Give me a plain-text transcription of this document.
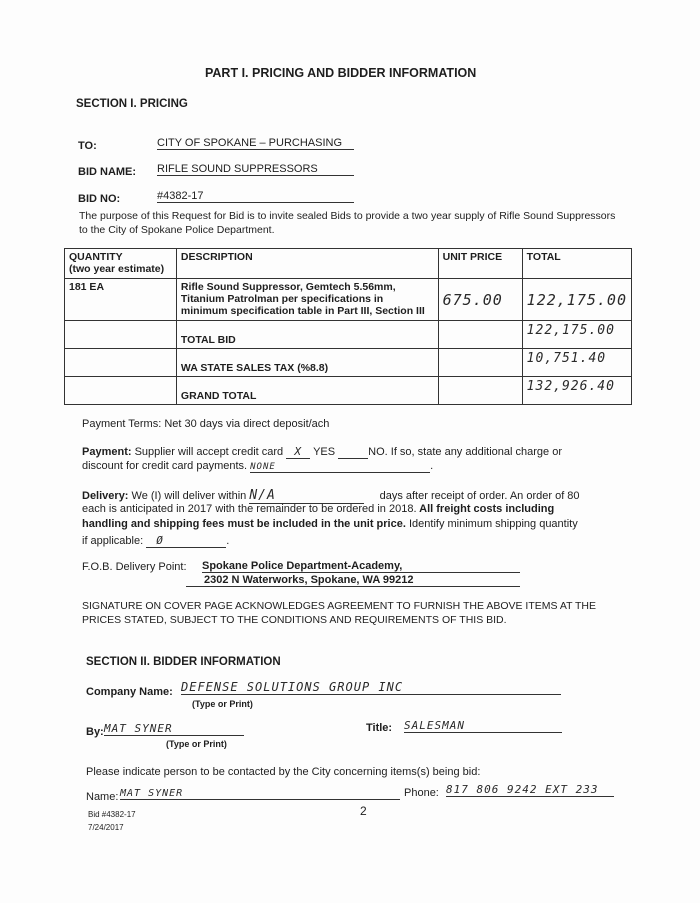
PART I. PRICING AND BIDDER INFORMATION
SECTION I. PRICING
TO:	CITY OF SPOKANE – PURCHASING
BID NAME: RIFLE SOUND SUPPRESSORS
BID NO:	#4382-17
The purpose of this Request for Bid is to invite sealed Bids to provide a two year supply of Rifle Sound Suppressors
to the City of Spokane Police Department.
QUANTITY
(two year estimate)	DESCRIPTION	UNIT PRICE	TOTAL
181 EA	Rifle Sound Suppressor, Gemtech 5.56mm,
Titanium Patrolman per specifications in
minimum specification table in Part III, Section III	675.00	122,175.00
	TOTAL BID		122,175.00
	WA STATE SALES TAX (%8.8)		10,751.40
	GRAND TOTAL		132,926.40
Payment Terms: Net 30 days via direct deposit/ach
Payment: Supplier will accept credit card X YES	NO. If so, state any additional charge or
discount for credit card payments. NONE	.
Delivery: We (I) will deliver within N/A	days after receipt of order. An order of 80
each is anticipated in 2017 with the remainder to be ordered in 2018. All freight costs including
handling and shipping fees must be included in the unit price. Identify minimum shipping quantity
if applicable: Ø	.
F.O.B. Delivery Point: Spokane Police Department-Academy,
2302 N Waterworks, Spokane, WA 99212
SIGNATURE ON COVER PAGE ACKNOWLEDGES AGREEMENT TO FURNISH THE ABOVE ITEMS AT THE
PRICES STATED, SUBJECT TO THE CONDITIONS AND REQUIREMENTS OF THIS BID.
SECTION II. BIDDER INFORMATION
Company Name: DEFENSE SOLUTIONS GROUP INC
(Type or Print)
By: MAT SYNER
(Type or Print)
Title: SALESMAN
Please indicate person to be contacted by the City concerning items(s) being bid:
Name: MAT SYNER	Phone: 817 806 9242 EXT 233
Bid #4382-17
7/24/2017
2
